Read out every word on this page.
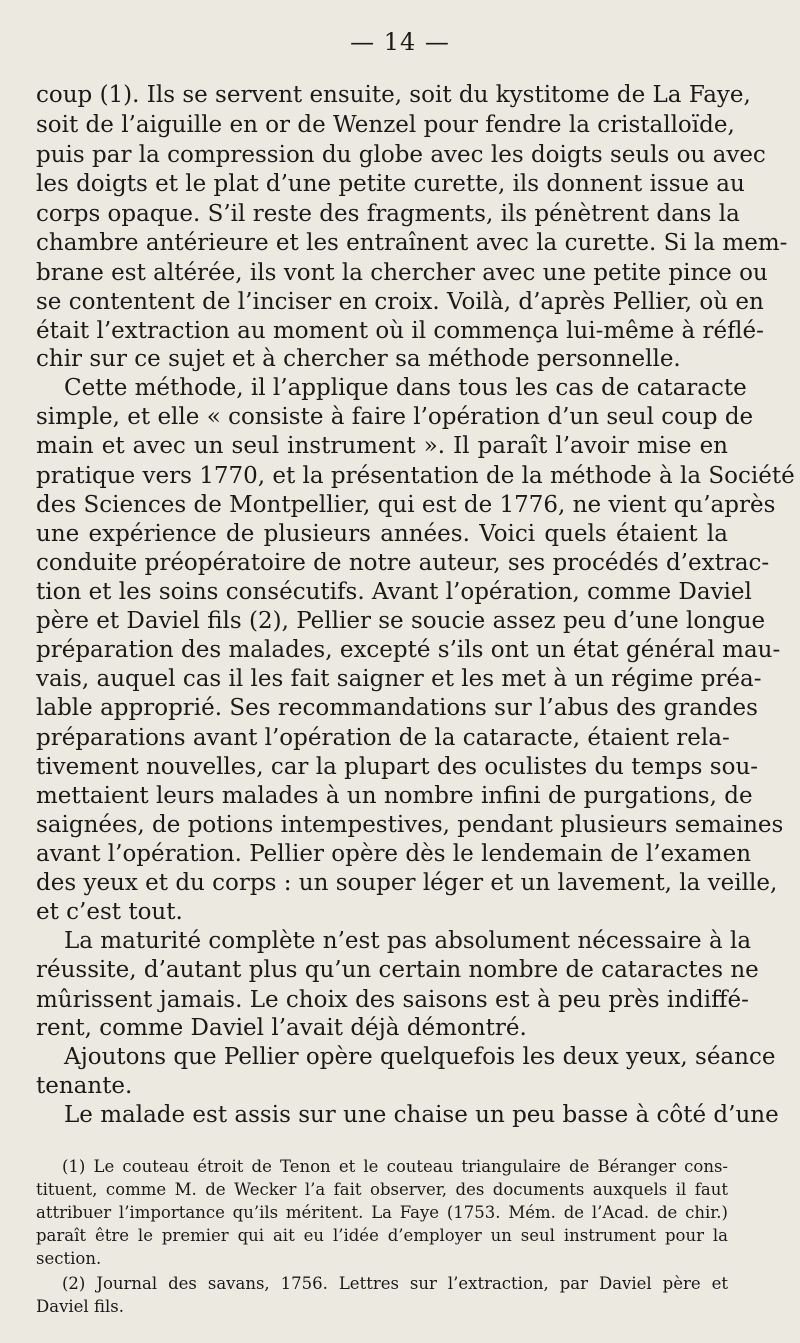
— 14 —
coup (1). Ils se servent ensuite, soit du kystitome de La Faye,
soit de l’aiguille en or de Wenzel pour fendre la cristalloïde,
puis par la compression du globe avec les doigts seuls ou avec
les doigts et le plat d’une petite curette, ils donnent issue au
corps opaque. S’il reste des fragments, ils pénètrent dans la
chambre antérieure et les entraînent avec la curette. Si la mem-
brane est altérée, ils vont la chercher avec une petite pince ou
se contentent de l’inciser en croix. Voilà, d’après Pellier, où en
était l’extraction au moment où il commença lui-même à réflé-
chir sur ce sujet et à chercher sa méthode personnelle.
Cette méthode, il l’applique dans tous les cas de cataracte
simple, et elle « consiste à faire l’opération d’un seul coup de
main et avec un seul instrument ». Il paraît l’avoir mise en
pratique vers 1770, et la présentation de la méthode à la Société
des Sciences de Montpellier, qui est de 1776, ne vient qu’après
une expérience de plusieurs années. Voici quels étaient la
conduite préopératoire de notre auteur, ses procédés d’extrac-
tion et les soins consécutifs. Avant l’opération, comme Daviel
père et Daviel fils (2), Pellier se soucie assez peu d’une longue
préparation des malades, excepté s’ils ont un état général mau-
vais, auquel cas il les fait saigner et les met à un régime préa-
lable approprié. Ses recommandations sur l’abus des grandes
préparations avant l’opération de la cataracte, étaient rela-
tivement nouvelles, car la plupart des oculistes du temps sou-
mettaient leurs malades à un nombre infini de purgations, de
saignées, de potions intempestives, pendant plusieurs semaines
avant l’opération. Pellier opère dès le lendemain de l’examen
des yeux et du corps : un souper léger et un lavement, la veille,
et c’est tout.
La maturité complète n’est pas absolument nécessaire à la
réussite, d’autant plus qu’un certain nombre de cataractes ne
mûrissent jamais. Le choix des saisons est à peu près indiffé-
rent, comme Daviel l’avait déjà démontré.
Ajoutons que Pellier opère quelquefois les deux yeux, séance
tenante.
Le malade est assis sur une chaise un peu basse à côté d’une
(1) Le couteau étroit de Tenon et le couteau triangulaire de Béranger cons-
tituent, comme M. de Wecker l’a fait observer, des documents auxquels il faut
attribuer l’importance qu’ils méritent. La Faye (1753. Mém. de l’Acad. de chir.)
paraît être le premier qui ait eu l’idée d’employer un seul instrument pour la
section.
(2) Journal des savans, 1756. Lettres sur l’extraction, par Daviel père et
Daviel fils.
